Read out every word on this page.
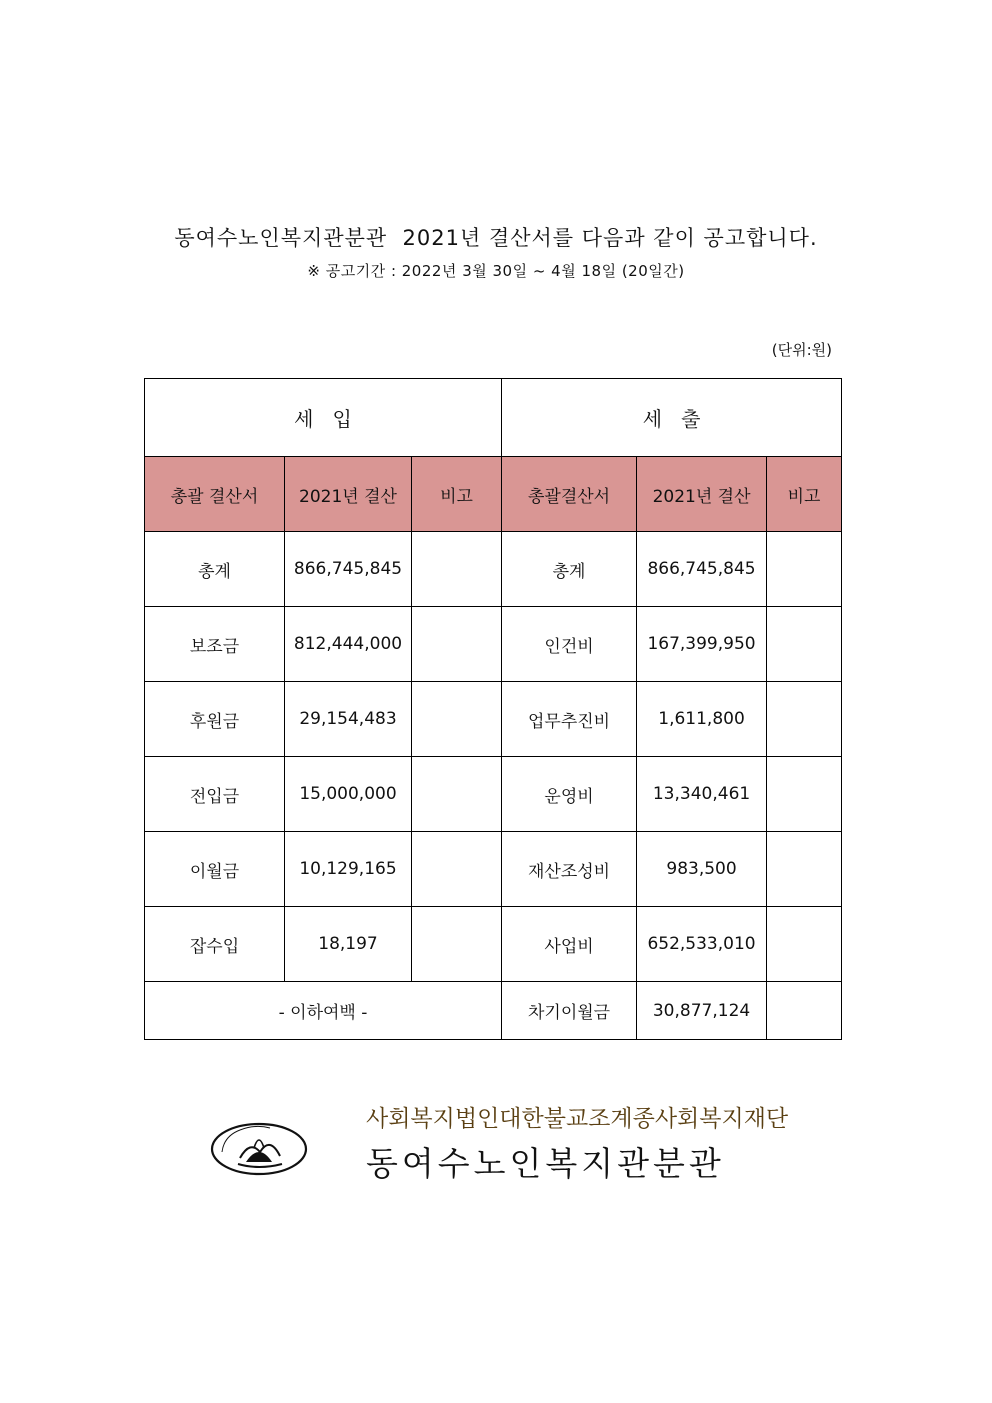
동여수노인복지관분관  2021년 결산서를 다음과 같이 공고합니다.
※ 공고기간 : 2022년 3월 30일 ~ 4월 18일 (20일간)
(단위:원)
세   입			세   출		
총괄 결산서	2021년 결산	비고	총괄결산서	2021년 결산	비고
총계	866,745,845		총계	866,745,845	
보조금	812,444,000		인건비	167,399,950	
후원금	29,154,483		업무추진비	1,611,800	
전입금	15,000,000		운영비	13,340,461	
이월금	10,129,165		재산조성비	983,500	
잡수입	18,197		사업비	652,533,010	
- 이하여백 -			차기이월금	30,877,124	
사회복지법인대한불교조계종사회복지재단
동여수노인복지관분관
